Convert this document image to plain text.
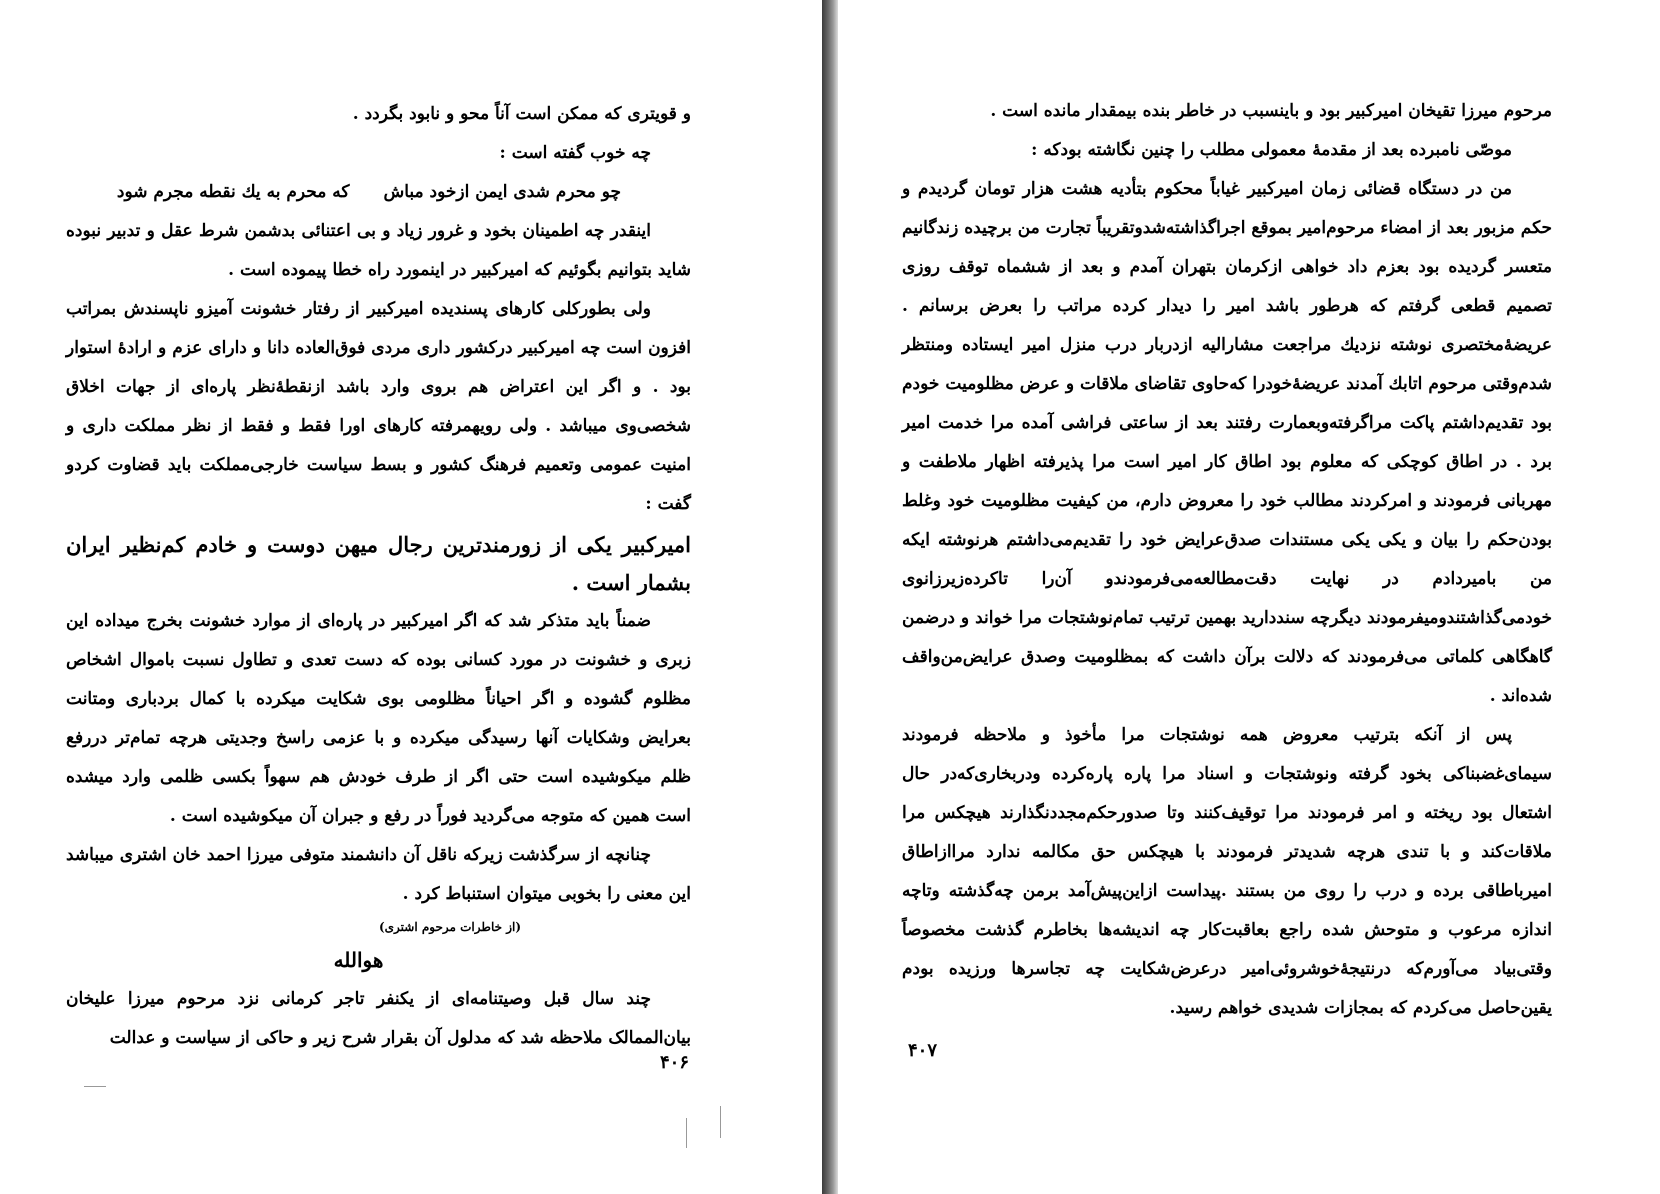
و قویتری که ممکن است آناً محو و نابود بگردد .

چه خوب گفته است :

چو محرم شدی ایمن ازخود مباش
که محرم به یك نقطه مجرم شود

اینقدر چه اطمینان بخود و غرور زیاد و بی اعتنائی بدشمن شرط عقل و تدبیر نبوده شاید بتوانیم بگوئیم که امیرکبیر در اینمورد راه خطا پیموده است .

ولی بطورکلی کارهای پسندیده امیرکبیر از رفتار خشونت آمیزو ناپسندش بمراتب افزون است چه امیرکبیر درکشور داری مردی فوق‌العاده دانا و دارای عزم و ارادهٔ استوار بود . و اگر این اعتراض هم بروی وارد باشد ازنقطهٔ‌نظر پاره‌ای از جهات اخلاق شخصی‌وی میباشد . ولی رویهمرفته کارهای اورا فقط و فقط از نظر مملکت داری و امنیت عمومی وتعمیم فرهنگ کشور و بسط سیاست خارجی‌مملکت باید قضاوت کردو گفت :

امیرکبیر یکی از زورمندترین رجال میهن دوست و خادم کم‌نظیر ایران بشمار است .

ضمناً باید متذکر شد که اگر امیرکبیر در پاره‌ای از موارد خشونت بخرج میداده این زبری و خشونت در مورد کسانی بوده که دست تعدی و تطاول نسبت باموال اشخاص مظلوم گشوده و اگر احیاناً مظلومی بوی شکایت میکرده با کمال بردباری ومتانت بعرایض وشکایات آنها رسیدگی میکرده و با عزمی راسخ وجدیتی هرچه تمام‌تر دررفع ظلم میکوشیده است حتی اگر از طرف خودش هم سهواً بکسی ظلمی وارد میشده است همین که متوجه می‌گردید فوراً در رفع و جبران آن میکوشیده است .

چنانچه از سرگذشت زیرکه ناقل آن دانشمند متوفی میرزا احمد خان اشتری میباشد این معنی را بخوبی میتوان استنباط کرد .

(از خاطرات مرحوم اشتری)

هوالله

چند سال قبل وصیتنامه‌ای از یکنفر تاجر کرمانی نزد مرحوم میرزا علیخان بیان‌الممالک ملاحظه شد که مدلول آن بقرار شرح زیر و حاکی از سیاست و عدالت

۴۰۶

مرحوم میرزا تقیخان امیرکبیر بود و باینسبب در خاطر بنده بیمقدار مانده است .

موصّی نامبرده بعد از مقدمهٔ معمولی مطلب را چنین نگاشته بودکه :

من در دستگاه قضائی زمان امیرکبیر غیاباً محکوم بتأدیه هشت هزار تومان گردیدم و حکم مزبور بعد از امضاء مرحوم‌امیر بموقع اجراگذاشته‌شدوتقریباً تجارت من برچیده زندگانیم متعسر گردیده بود بعزم داد خواهی ازکرمان بتهران آمدم و بعد از ششماه توقف روزی تصمیم قطعی گرفتم که هرطور باشد امیر را دیدار کرده مراتب را بعرض برسانم . عریضهٔ‌مختصری نوشته نزدیك مراجعت مشارالیه ازدربار درب منزل امیر ایستاده ومنتظر شدم‌وقتی مرحوم اتابك آمدند عریضهٔ‌خودرا که‌حاوی تقاضای ملاقات و عرض مظلومیت خودم بود تقدیم‌داشتم پاکت مراگرفته‌وبعمارت رفتند بعد از ساعتی فراشی آمده مرا خدمت امیر برد . در اطاق کوچکی که معلوم بود اطاق کار امیر است مرا پذیرفته اظهار ملاطفت و مهربانی فرمودند و امرکردند مطالب خود را معروض دارم، من کیفیت مظلومیت خود وغلط بودن‌حکم را بیان و یکی یکی مستندات صدق‌عرایض خود را تقدیم‌می‌داشتم هرنوشته ایکه من بامیردادم در نهایت دقت‌مطالعه‌می‌فرمودندو آن‌را تاکرده‌زیرزانوی خودمی‌گذاشتندومیفرمودند دیگرچه سندداريد بهمین ترتیب تمام‌نوشتجات مرا خواند و درضمن گاهگاهی کلماتی می‌فرمودند که دلالت برآن داشت که بمظلومیت وصدق عرایض‌من‌واقف شده‌اند .

پس از آنکه بترتیب معروض همه نوشتجات مرا مأخوذ و ملاحظه فرمودند سیمای‌غضبناکی بخود گرفته ونوشتجات و اسناد مرا پاره پاره‌کرده ودربخاری‌که‌در حال اشتعال بود ریخته و امر فرمودند مرا توقیف‌کنند وتا صدورحکم‌مجددنگذارند هیچکس مرا ملاقات‌کند و با تندی هرچه شدیدتر فرمودند با هیچکس حق مکالمه ندارد مراازاطاق امیرباطاقی برده و درب را روی من بستند .پیداست ازاین‌پیش‌آمد برمن چه‌گذشته وتاچه اندازه مرعوب و متوحش شده راجع بعاقبت‌کار چه اندیشه‌ها بخاطرم گذشت مخصوصاً وقتی‌بیاد می‌آورم‌که درنتیجهٔ‌خوشروئی‌امیر درعرض‌شکایت چه تجاسرها ورزیده بودم یقین‌حاصل می‌کردم که بمجازات شدیدی خواهم رسید.

۴۰۷
